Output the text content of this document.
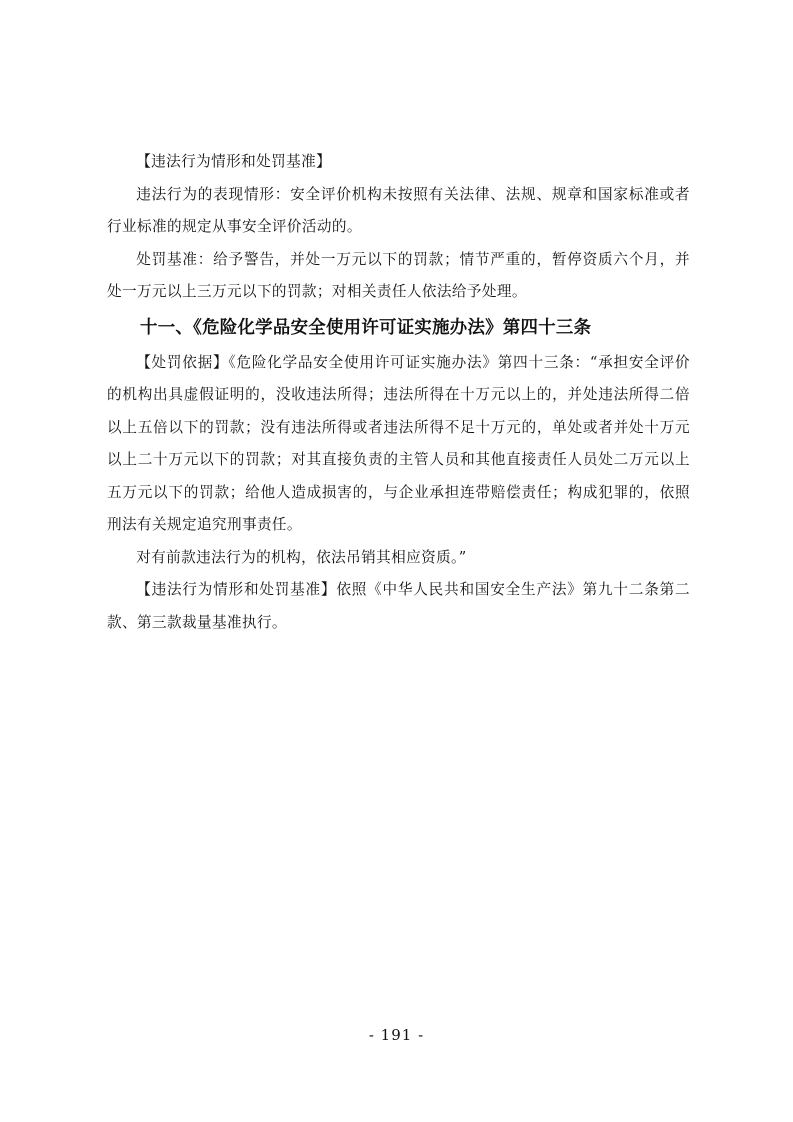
【违法行为情形和处罚基准】

违法行为的表现情形：安全评价机构未按照有关法律、法规、规章和国家标准或者行业标准的规定从事安全评价活动的。

处罚基准：给予警告，并处一万元以下的罚款；情节严重的，暂停资质六个月，并处一万元以上三万元以下的罚款；对相关责任人依法给予处理。

十一、《危险化学品安全使用许可证实施办法》第四十三条

【处罚依据】《危险化学品安全使用许可证实施办法》第四十三条：“承担安全评价的机构出具虚假证明的，没收违法所得；违法所得在十万元以上的，并处违法所得二倍以上五倍以下的罚款；没有违法所得或者违法所得不足十万元的，单处或者并处十万元以上二十万元以下的罚款；对其直接负责的主管人员和其他直接责任人员处二万元以上五万元以下的罚款；给他人造成损害的，与企业承担连带赔偿责任；构成犯罪的，依照刑法有关规定追究刑事责任。

对有前款违法行为的机构，依法吊销其相应资质。”

【违法行为情形和处罚基准】依照《中华人民共和国安全生产法》第九十二条第二款、第三款裁量基准执行。

- 191 -
